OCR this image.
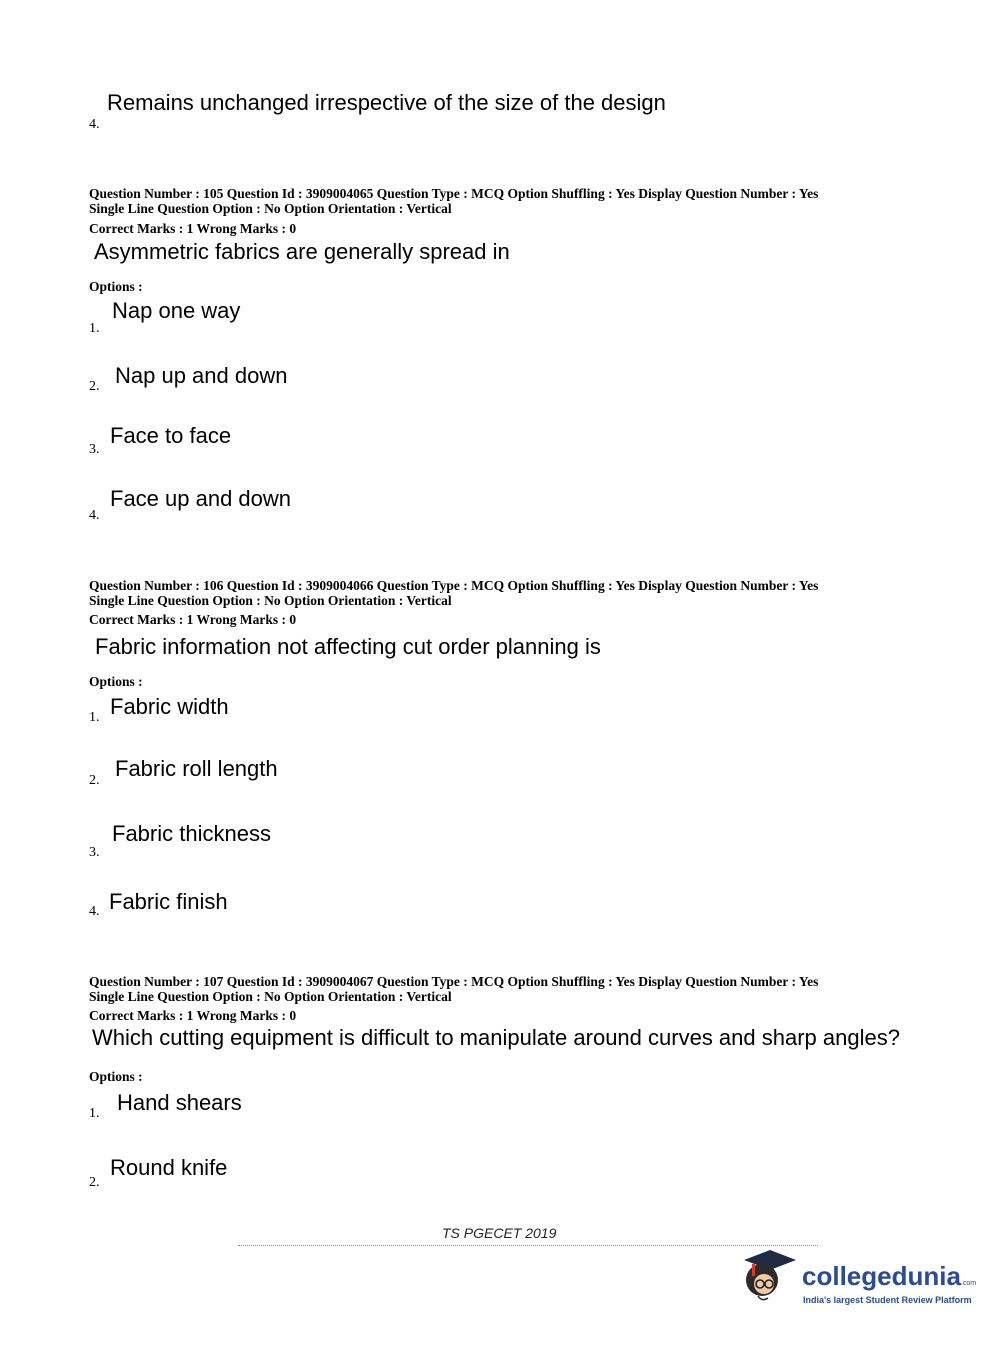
Remains unchanged irrespective of the size of the design
4.
Question Number : 105 Question Id : 3909004065 Question Type : MCQ Option Shuffling : Yes Display Question Number : Yes
Single Line Question Option : No Option Orientation : Vertical
Correct Marks : 1 Wrong Marks : 0
Asymmetric fabrics are generally spread in
Options :
Nap one way
1.
Nap up and down
2.
Face to face
3.
Face up and down
4.
Question Number : 106 Question Id : 3909004066 Question Type : MCQ Option Shuffling : Yes Display Question Number : Yes
Single Line Question Option : No Option Orientation : Vertical
Correct Marks : 1 Wrong Marks : 0
Fabric information not affecting cut order planning is
Options :
Fabric width
1.
Fabric roll length
2.
Fabric thickness
3.
Fabric finish
4.
Question Number : 107 Question Id : 3909004067 Question Type : MCQ Option Shuffling : Yes Display Question Number : Yes
Single Line Question Option : No Option Orientation : Vertical
Correct Marks : 1 Wrong Marks : 0
Which cutting equipment is difficult to manipulate around curves and sharp angles?
Options :
Hand shears
1.
Round knife
2.
TS PGECET 2019
collegedunia.com
India's largest Student Review Platform
